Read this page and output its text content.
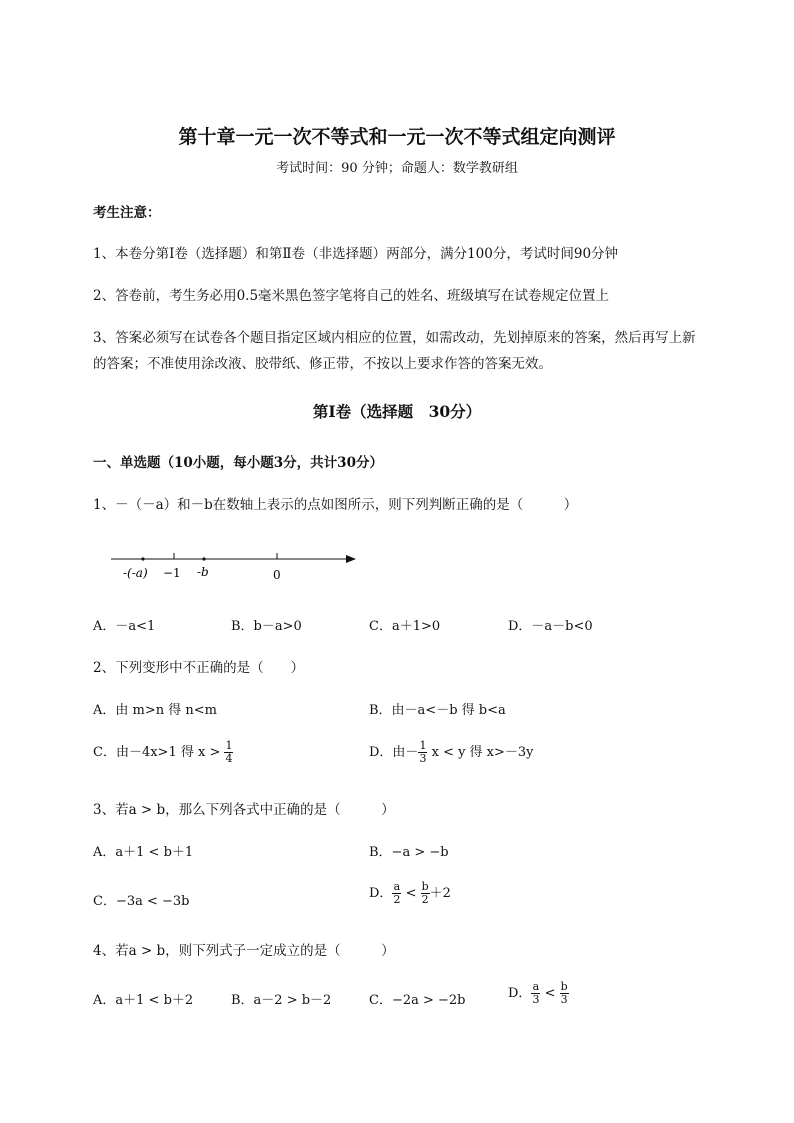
第十章一元一次不等式和一元一次不等式组定向测评
考试时间：90 分钟；命题人：数学教研组
考生注意：
1、本卷分第Ⅰ卷（选择题）和第Ⅱ卷（非选择题）两部分，满分100分，考试时间90分钟
2、答卷前，考生务必用0.5毫米黑色签字笔将自己的姓名、班级填写在试卷规定位置上
3、答案必须写在试卷各个题目指定区域内相应的位置，如需改动，先划掉原来的答案，然后再写上新
的答案；不准使用涂改液、胶带纸、修正带，不按以上要求作答的答案无效。
第Ⅰ卷（选择题　30分）
一、单选题（10小题，每小题3分，共计30分）
1、－（－a）和－b在数轴上表示的点如图所示，则下列判断正确的是（　　　）
-(-a) −1 -b	0
A．－a<1	B．b－a>0	C．a＋1>0	D．－a－b<0
2、下列变形中不正确的是（　　）
A．由 m>n 得 n<m	B．由－a<－b 得 b<a
C．由－4x>1 得 $x > \frac{1}{4}$	D．由－ $\frac{1}{3}$ x < y 得 x>－3y
3、若a > b，那么下列各式中正确的是（　　　）
A．a＋1 < b＋1	B．−a > −b
C．−3a < −3b
D． $\frac{a}{2} < \frac{b}{2} +2$
4、若a > b，则下列式子一定成立的是（　　　）
A．a＋1 < b＋2	B．a－2 > b－2	C．−2a > −2b	D． $\frac{a}{3} < \frac{b}{3}$
